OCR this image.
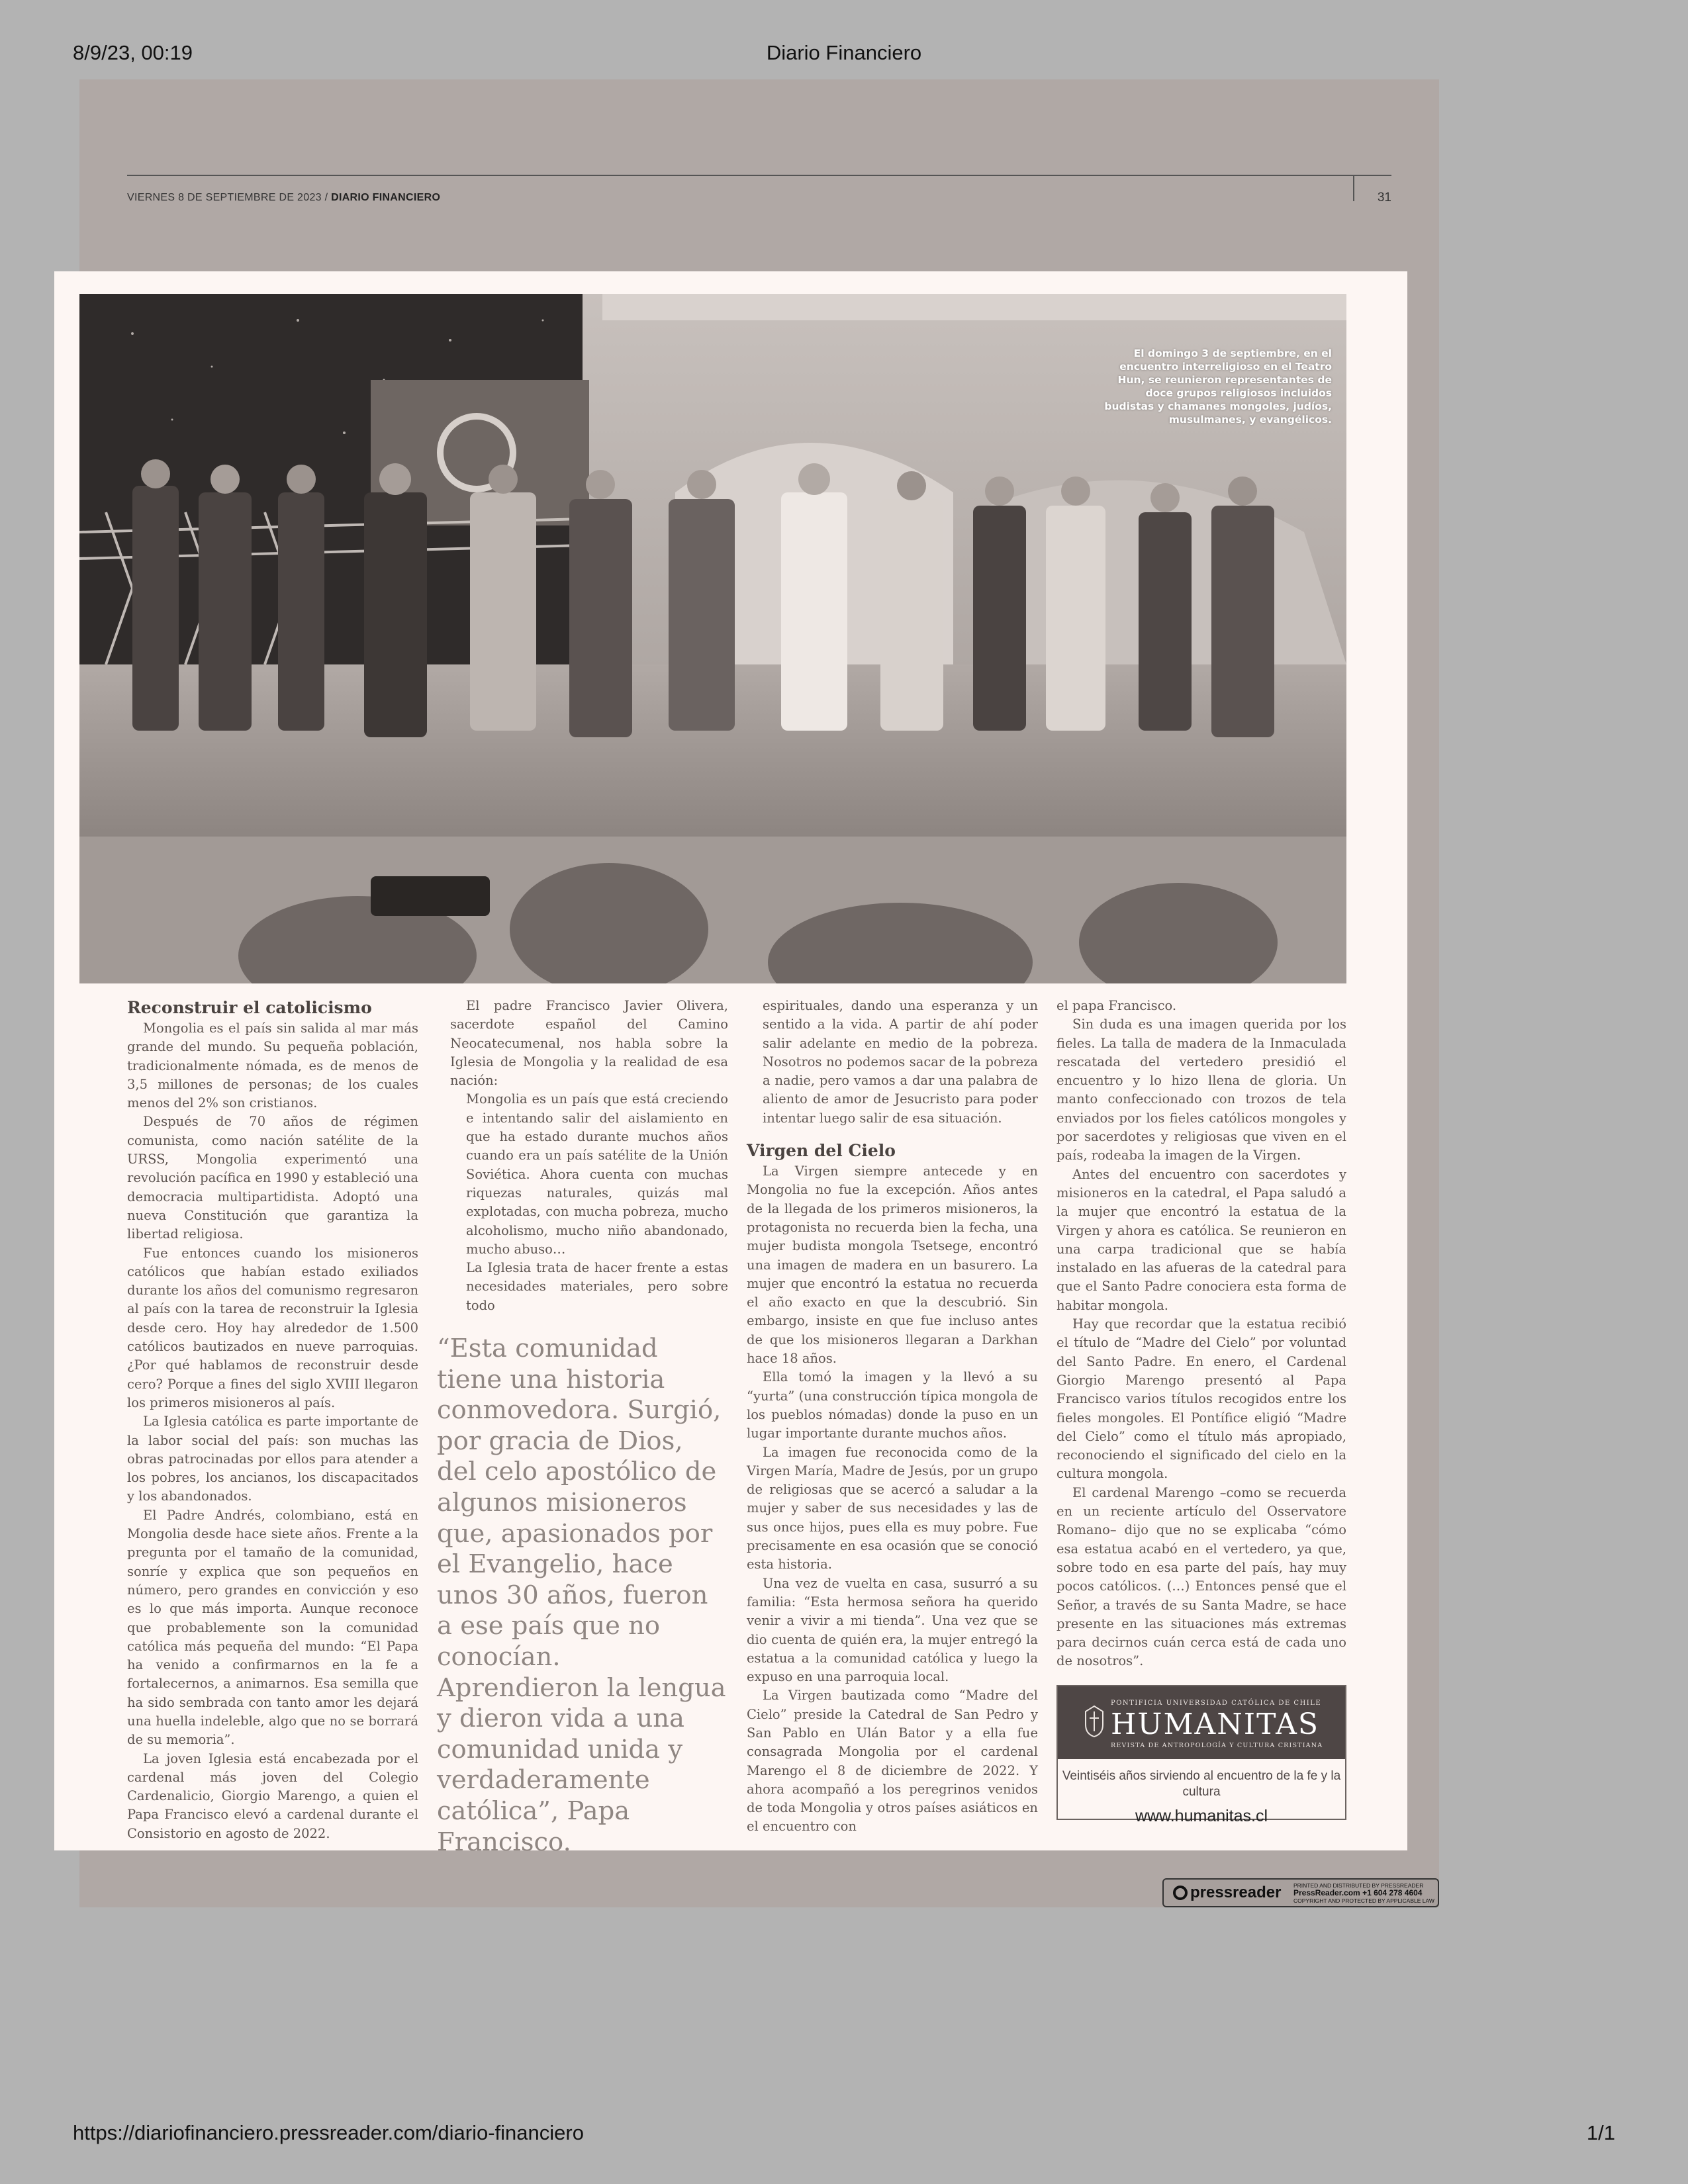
8/9/23, 00:19	Diario Financiero
https://diariofinanciero.pressreader.com/diario-financiero	1/1
VIERNES 8 DE SEPTIEMBRE DE 2023 / DIARIO FINANCIERO	31
El domingo 3 de septiembre, en el encuentro interreligioso en el Teatro Hun, se reunieron representantes de doce grupos religiosos incluidos budistas y chamanes mongoles, judíos, musulmanes, y evangélicos.
Reconstruir el catolicismo

Mongolia es el país sin salida al mar más grande del mundo. Su pequeña población, tradicionalmente nómada, es de menos de 3,5 millones de personas; de los cuales menos del 2% son cristianos.

Después de 70 años de régimen comunista, como nación satélite de la URSS, Mongolia experimentó una revolución pacífica en 1990 y estableció una democracia multipartidista. Adoptó una nueva Constitución que garantiza la libertad religiosa.

Fue entonces cuando los misioneros católicos que habían estado exiliados durante los años del comunismo regresaron al país con la tarea de reconstruir la Iglesia desde cero. Hoy hay alrededor de 1.500 católicos bautizados en nueve parroquias. ¿Por qué hablamos de reconstruir desde cero? Porque a fines del siglo XVIII llegaron los primeros misioneros al país.

La Iglesia católica es parte importante de la labor social del país: son muchas las obras patrocinadas por ellos para atender a los pobres, los ancianos, los discapacitados y los abandonados.

El Padre Andrés, colombiano, está en Mongolia desde hace siete años. Frente a la pregunta por el tamaño de la comunidad, sonríe y explica que son pequeños en número, pero grandes en convicción y eso es lo que más importa. Aunque reconoce que probablemente son la comunidad católica más pequeña del mundo: “El Papa ha venido a confirmarnos en la fe a fortalecernos, a animarnos. Esa semilla que ha sido sembrada con tanto amor les dejará una huella indeleble, algo que no se borrará de su memoria”.

La joven Iglesia está encabezada por el cardenal más joven del Colegio Cardenalicio, Giorgio Marengo, a quien el Papa Francisco elevó a cardenal durante el Consistorio en agosto de 2022.

El padre Francisco Javier Olivera, sacerdote español del Camino Neocatecumenal, nos habla sobre la Iglesia de Mongolia y la realidad de esa nación:

Mongolia es un país que está creciendo e intentando salir del aislamiento en que ha estado durante muchos años cuando era un país satélite de la Unión Soviética. Ahora cuenta con muchas riquezas naturales, quizás mal explotadas, con mucha pobreza, mucho alcoholismo, mucho niño abandonado, mucho abuso…

La Iglesia trata de hacer frente a estas necesidades materiales, pero sobre todo

“Esta comunidad tiene una historia conmovedora. Surgió, por gracia de Dios, del celo apostólico de algunos misioneros que, apasionados por el Evangelio, hace unos 30 años, fueron a ese país que no conocían. Aprendieron la lengua y dieron vida a una comunidad unida y verdaderamente católica”, Papa Francisco.

espirituales, dando una esperanza y un sentido a la vida. A partir de ahí poder salir adelante en medio de la pobreza. Nosotros no podemos sacar de la pobreza a nadie, pero vamos a dar una palabra de aliento de amor de Jesucristo para poder intentar luego salir de esa situación.

Virgen del Cielo

La Virgen siempre antecede y en Mongolia no fue la excepción. Años antes de la llegada de los primeros misioneros, la protagonista no recuerda bien la fecha, una mujer budista mongola Tsetsege, encontró una imagen de madera en un basurero. La mujer que encontró la estatua no recuerda el año exacto en que la descubrió. Sin embargo, insiste en que fue incluso antes de que los misioneros llegaran a Darkhan hace 18 años.

Ella tomó la imagen y la llevó a su “yurta” (una construcción típica mongola de los pueblos nómadas) donde la puso en un lugar importante durante muchos años.

La imagen fue reconocida como de la Virgen María, Madre de Jesús, por un grupo de religiosas que se acercó a saludar a la mujer y saber de sus necesidades y las de sus once hijos, pues ella es muy pobre. Fue precisamente en esa ocasión que se conoció esta historia.

Una vez de vuelta en casa, susurró a su familia: “Esta hermosa señora ha querido venir a vivir a mi tienda”. Una vez que se dio cuenta de quién era, la mujer entregó la estatua a la comunidad católica y luego la expuso en una parroquia local.

La Virgen bautizada como “Madre del Cielo” preside la Catedral de San Pedro y San Pablo en Ulán Bator y a ella fue consagrada Mongolia por el cardenal Marengo el 8 de diciembre de 2022. Y ahora acompañó a los peregrinos venidos de toda Mongolia y otros países asiáticos en el encuentro con

el papa Francisco.

Sin duda es una imagen querida por los fieles. La talla de madera de la Inmaculada rescatada del vertedero presidió el encuentro y lo hizo llena de gloria. Un manto confeccionado con trozos de tela enviados por los fieles católicos mongoles y por sacerdotes y religiosas que viven en el país, rodeaba la imagen de la Virgen.

Antes del encuentro con sacerdotes y misioneros en la catedral, el Papa saludó a la mujer que encontró la estatua de la Virgen y ahora es católica. Se reunieron en una carpa tradicional que se había instalado en las afueras de la catedral para que el Santo Padre conociera esta forma de habitar mongola.

Hay que recordar que la estatua recibió el título de “Madre del Cielo” por voluntad del Santo Padre. En enero, el Cardenal Giorgio Marengo presentó al Papa Francisco varios títulos recogidos entre los fieles mongoles. El Pontífice eligió “Madre del Cielo” como el título más apropiado, reconociendo el significado del cielo en la cultura mongola.

El cardenal Marengo –como se recuerda en un reciente artículo del Osservatore Romano– dijo que no se explicaba “cómo esa estatua acabó en el vertedero, ya que, sobre todo en esa parte del país, hay muy pocos católicos. (…) Entonces pensé que el Señor, a través de su Santa Madre, se hace presente en las situaciones más extremas para decirnos cuán cerca está de cada uno de nosotros”.

PONTIFICIA UNIVERSIDAD CATÓLICA DE CHILE
HUMANITAS
REVISTA DE ANTROPOLOGÍA Y CULTURA CRISTIANA
Veintiséis años sirviendo al encuentro de la fe y la cultura
www.humanitas.cl
pressreader PRINTED AND DISTRIBUTED BY PRESSREADER
PressReader.com +1 604 278 4604
COPYRIGHT AND PROTECTED BY APPLICABLE LAW
